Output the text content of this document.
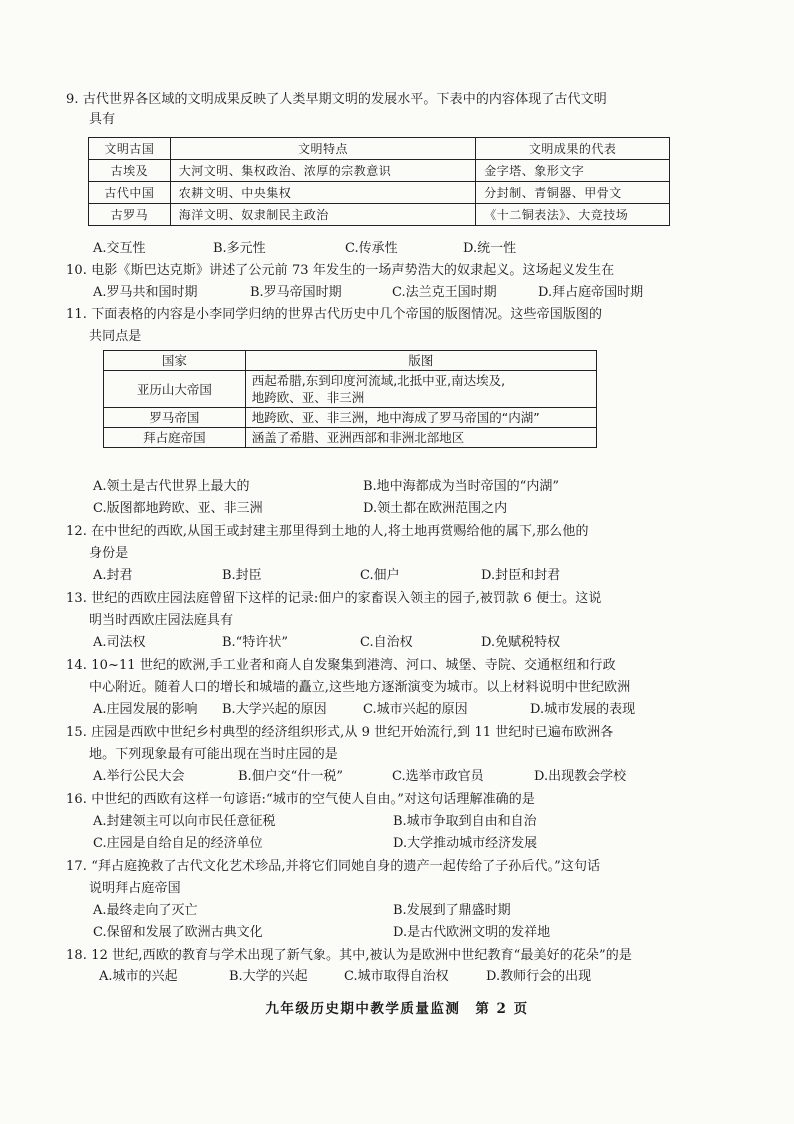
9. 古代世界各区域的文明成果反映了人类早期文明的发展水平。下表中的内容体现了古代文明
具有
文明古国	文明特点	文明成果的代表
古埃及	大河文明、集权政治、浓厚的宗教意识	金字塔、象形文字
古代中国	农耕文明、中央集权	分封制、青铜器、甲骨文
古罗马	海洋文明、奴隶制民主政治	《十二铜表法》、大竞技场
A.交互性	B.多元性	C.传承性	D.统一性
10. 电影《斯巴达克斯》讲述了公元前 73 年发生的一场声势浩大的奴隶起义。这场起义发生在
A.罗马共和国时期	B.罗马帝国时期	C.法兰克王国时期	D.拜占庭帝国时期
11. 下面表格的内容是小李同学归纳的世界古代历史中几个帝国的版图情况。这些帝国版图的
共同点是
国家	版图
亚历山大帝国	西起希腊,东到印度河流域,北抵中亚,南达埃及,
地跨欧、亚、非三洲

罗马帝国	地跨欧、亚、非三洲，地中海成了罗马帝国的“内湖”
拜占庭帝国	涵盖了希腊、亚洲西部和非洲北部地区
A.领土是古代世界上最大的	B.地中海都成为当时帝国的“内湖”
C.版图都地跨欧、亚、非三洲	D.领土都在欧洲范围之内
12. 在中世纪的西欧,从国王或封建主那里得到土地的人,将土地再赏赐给他的属下,那么他的
身份是
A.封君	B.封臣	C.佃户	D.封臣和封君
13. 世纪的西欧庄园法庭曾留下这样的记录:佃户的家畜误入领主的园子,被罚款 6 便士。这说
明当时西欧庄园法庭具有
A.司法权	B.“特许状”	C.自治权	D.免赋税特权
14. 10~11 世纪的欧洲,手工业者和商人自发聚集到港湾、河口、城堡、寺院、交通枢纽和行政
中心附近。随着人口的增长和城墙的矗立,这些地方逐渐演变为城市。以上材料说明中世纪欧洲
A.庄园发展的影响 B.大学兴起的原因	C.城市兴起的原因	D.城市发展的表现
15. 庄园是西欧中世纪乡村典型的经济组织形式,从 9 世纪开始流行,到 11 世纪时已遍布欧洲各
地。下列现象最有可能出现在当时庄园的是
A.举行公民大会	B.佃户交“什一税”	C.选举市政官员	D.出现教会学校
16. 中世纪的西欧有这样一句谚语:“城市的空气使人自由。”对这句话理解准确的是
A.封建领主可以向市民任意征税	B.城市争取到自由和自治
C.庄园是自给自足的经济单位	D.大学推动城市经济发展
17. “拜占庭挽救了古代文化艺术珍品,并将它们同她自身的遗产一起传给了子孙后代。”这句话
说明拜占庭帝国
A.最终走向了灭亡	B.发展到了鼎盛时期
C.保留和发展了欧洲古典文化	D.是古代欧洲文明的发祥地
18. 12 世纪,西欧的教育与学术出现了新气象。其中,被认为是欧洲中世纪教育“最美好的花朵”的是
A.城市的兴起	B.大学的兴起	C.城市取得自治权	D.教师行会的出现
九年级历史期中教学质量监测　第 2 页
